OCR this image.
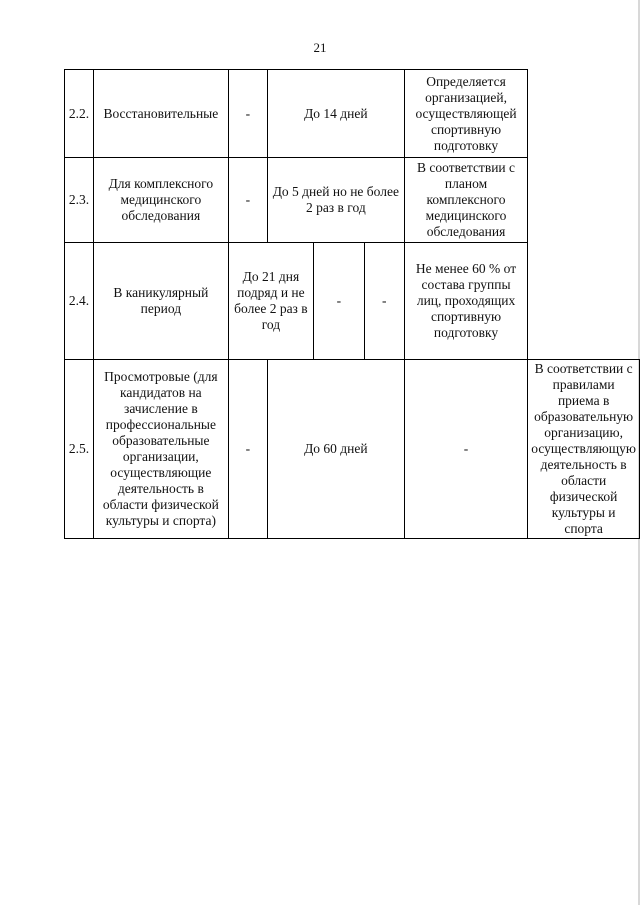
21
2.2.	Восстановительные	-	До 14 дней			Определяется организацией, осуществляющей спортивную подготовку	
2.3.	Для комплексного медицинского обследования	-	До 5 дней но не более 2 раз в год			В соответствии с планом комплексного медицинского обследования	
2.4.	В каникулярный период	До 21 дня подряд и не более 2 раз в год		-	-	Не менее 60 % от состава группы лиц, проходящих спортивную подготовку	
2.5.	Просмотровые (для кандидатов на зачисление в профессиональные образовательные организации, осуществляющие деятельность в области физической культуры и спорта)	-	До 60 дней			-	В соответствии с правилами приема в образовательную организацию, осуществляющую деятельность в области физической культуры и спорта
